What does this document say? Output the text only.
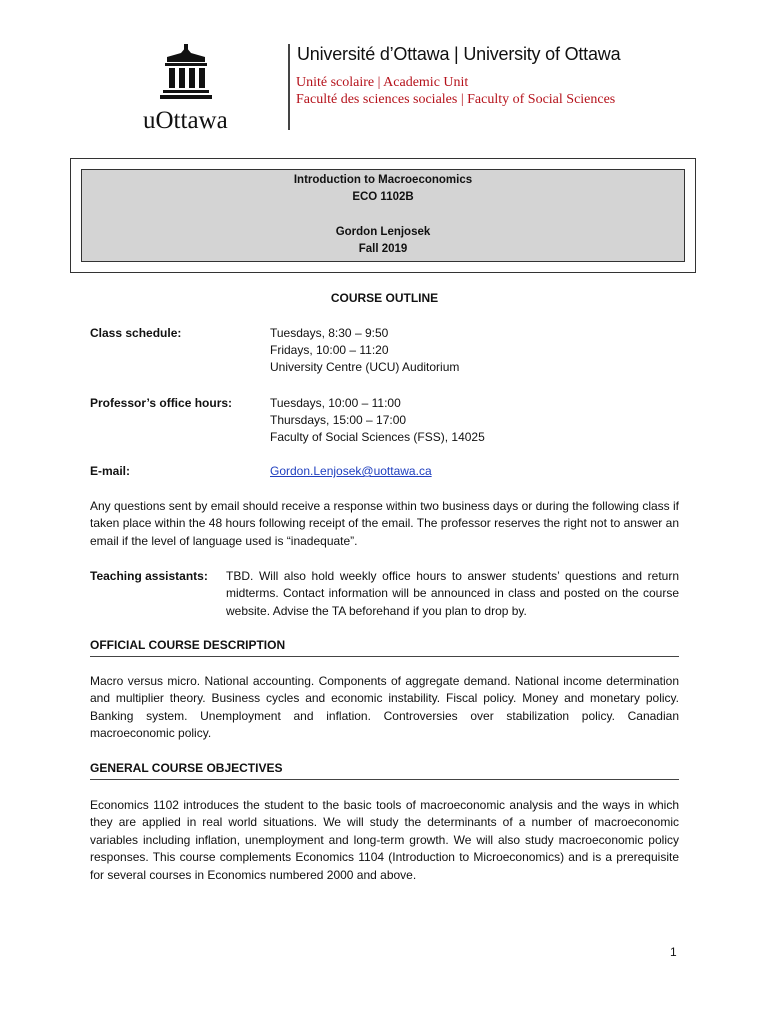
uOttawa
Université d’Ottawa | University of Ottawa
Unité scolaire | Academic Unit
Faculté des sciences sociales | Faculty of Social Sciences
Introduction to Macroeconomics
ECO 1102B
Gordon Lenjosek
Fall 2019
COURSE OUTLINE
Class schedule:	Tuesdays, 8:30 – 9:50
Fridays, 10:00 – 11:20
University Centre (UCU) Auditorium
Professor’s office hours:	Tuesdays, 10:00 – 11:00
Thursdays, 15:00 – 17:00
Faculty of Social Sciences (FSS), 14025
E-mail:	Gordon.Lenjosek@uottawa.ca
Any questions sent by email should receive a response within two business days or during the following class if taken place within the 48 hours following receipt of the email. The professor reserves the right not to answer an email if the level of language used is “inadequate”.
Teaching assistants: TBD. Will also hold weekly office hours to answer students’ questions and return midterms. Contact information will be announced in class and posted on the course website. Advise the TA beforehand if you plan to drop by.
OFFICIAL COURSE DESCRIPTION
Macro versus micro. National accounting. Components of aggregate demand. National income determination and multiplier theory. Business cycles and economic instability. Fiscal policy. Money and monetary policy. Banking system. Unemployment and inflation. Controversies over stabilization policy. Canadian macroeconomic policy.
GENERAL COURSE OBJECTIVES
Economics 1102 introduces the student to the basic tools of macroeconomic analysis and the ways in which they are applied in real world situations. We will study the determinants of a number of macroeconomic variables including inflation, unemployment and long-term growth. We will also study macroeconomic policy responses. This course complements Economics 1104 (Introduction to Microeconomics) and is a prerequisite for several courses in Economics numbered 2000 and above.
1
